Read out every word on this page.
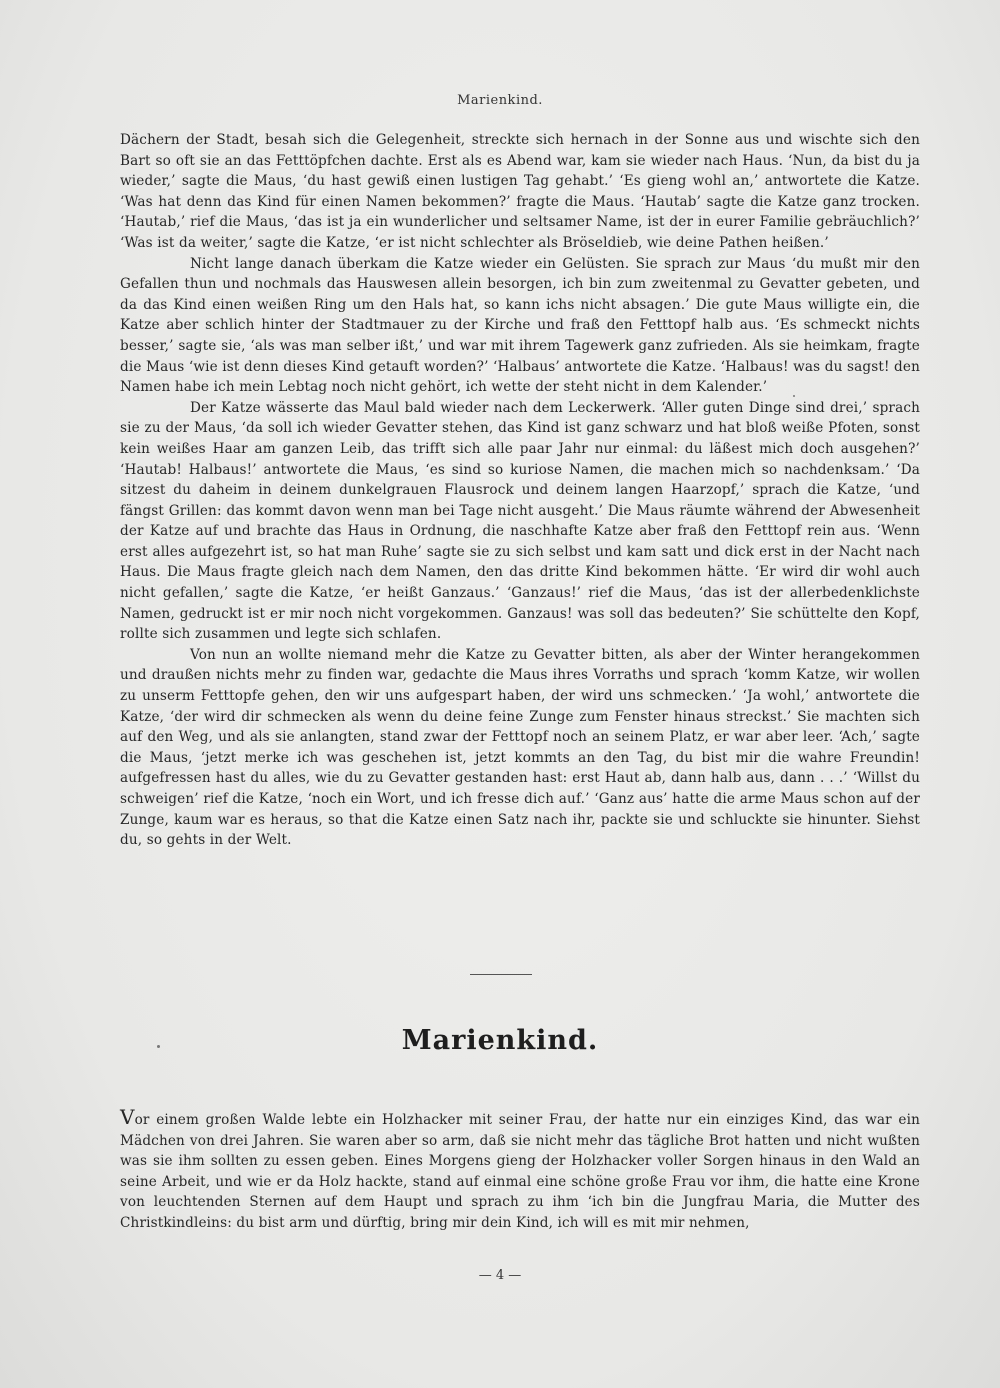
Marienkind.

Dächern der Stadt, besah sich die Gelegenheit, streckte sich hernach in der Sonne aus und wischte sich den Bart so oft sie an das Fetttöpfchen dachte. Erst als es Abend war, kam sie wieder nach Haus. ‘Nun, da bist du ja wieder,’ sagte die Maus, ‘du hast gewiß einen lustigen Tag gehabt.’ ‘Es gieng wohl an,’ antwortete die Katze. ‘Was hat denn das Kind für einen Namen bekommen?’ fragte die Maus. ‘Hautab’ sagte die Katze ganz trocken. ‘Hautab,’ rief die Maus, ‘das ist ja ein wunderlicher und seltsamer Name, ist der in eurer Familie gebräuchlich?’ ‘Was ist da weiter,’ sagte die Katze, ‘er ist nicht schlechter als Bröseldieb, wie deine Pathen heißen.’

Nicht lange danach überkam die Katze wieder ein Gelüsten. Sie sprach zur Maus ‘du mußt mir den Gefallen thun und nochmals das Hauswesen allein besorgen, ich bin zum zweitenmal zu Gevatter gebeten, und da das Kind einen weißen Ring um den Hals hat, so kann ichs nicht absagen.’ Die gute Maus willigte ein, die Katze aber schlich hinter der Stadtmauer zu der Kirche und fraß den Fetttopf halb aus. ‘Es schmeckt nichts besser,’ sagte sie, ‘als was man selber ißt,’ und war mit ihrem Tagewerk ganz zufrieden. Als sie heimkam, fragte die Maus ‘wie ist denn dieses Kind getauft worden?’ ‘Halbaus’ antwortete die Katze. ‘Halbaus! was du sagst! den Namen habe ich mein Lebtag noch nicht gehört, ich wette der steht nicht in dem Kalender.’

Der Katze wässerte das Maul bald wieder nach dem Leckerwerk. ‘Aller guten Dinge sind drei,’ sprach sie zu der Maus, ‘da soll ich wieder Gevatter stehen, das Kind ist ganz schwarz und hat bloß weiße Pfoten, sonst kein weißes Haar am ganzen Leib, das trifft sich alle paar Jahr nur einmal: du läßest mich doch ausgehen?’ ‘Hautab! Halbaus!’ antwortete die Maus, ‘es sind so kuriose Namen, die machen mich so nachdenksam.’ ‘Da sitzest du daheim in deinem dunkelgrauen Flausrock und deinem langen Haarzopf,’ sprach die Katze, ‘und fängst Grillen: das kommt davon wenn man bei Tage nicht ausgeht.’ Die Maus räumte während der Abwesenheit der Katze auf und brachte das Haus in Ordnung, die naschhafte Katze aber fraß den Fetttopf rein aus. ‘Wenn erst alles aufgezehrt ist, so hat man Ruhe’ sagte sie zu sich selbst und kam satt und dick erst in der Nacht nach Haus. Die Maus fragte gleich nach dem Namen, den das dritte Kind bekommen hätte. ‘Er wird dir wohl auch nicht gefallen,’ sagte die Katze, ‘er heißt Ganzaus.’ ‘Ganzaus!’ rief die Maus, ‘das ist der allerbedenklichste Namen, gedruckt ist er mir noch nicht vorgekommen. Ganzaus! was soll das bedeuten?’ Sie schüttelte den Kopf, rollte sich zusammen und legte sich schlafen.

Von nun an wollte niemand mehr die Katze zu Gevatter bitten, als aber der Winter herangekommen und draußen nichts mehr zu finden war, gedachte die Maus ihres Vorraths und sprach ‘komm Katze, wir wollen zu unserm Fetttopfe gehen, den wir uns aufgespart haben, der wird uns schmecken.’ ‘Ja wohl,’ antwortete die Katze, ‘der wird dir schmecken als wenn du deine feine Zunge zum Fenster hinaus streckst.’ Sie machten sich auf den Weg, und als sie anlangten, stand zwar der Fetttopf noch an seinem Platz, er war aber leer. ‘Ach,’ sagte die Maus, ‘jetzt merke ich was geschehen ist, jetzt kommts an den Tag, du bist mir die wahre Freundin! aufgefressen hast du alles, wie du zu Gevatter gestanden hast: erst Haut ab, dann halb aus, dann . . .’ ‘Willst du schweigen’ rief die Katze, ‘noch ein Wort, und ich fresse dich auf.’ ‘Ganz aus’ hatte die arme Maus schon auf der Zunge, kaum war es heraus, so that die Katze einen Satz nach ihr, packte sie und schluckte sie hinunter. Siehst du, so gehts in der Welt.

Marienkind.

Vor einem großen Walde lebte ein Holzhacker mit seiner Frau, der hatte nur ein einziges Kind, das war ein Mädchen von drei Jahren. Sie waren aber so arm, daß sie nicht mehr das tägliche Brot hatten und nicht wußten was sie ihm sollten zu essen geben. Eines Morgens gieng der Holzhacker voller Sorgen hinaus in den Wald an seine Arbeit, und wie er da Holz hackte, stand auf einmal eine schöne große Frau vor ihm, die hatte eine Krone von leuchtenden Sternen auf dem Haupt und sprach zu ihm ‘ich bin die Jungfrau Maria, die Mutter des Christkindleins: du bist arm und dürftig, bring mir dein Kind, ich will es mit mir nehmen,

— 4 —
